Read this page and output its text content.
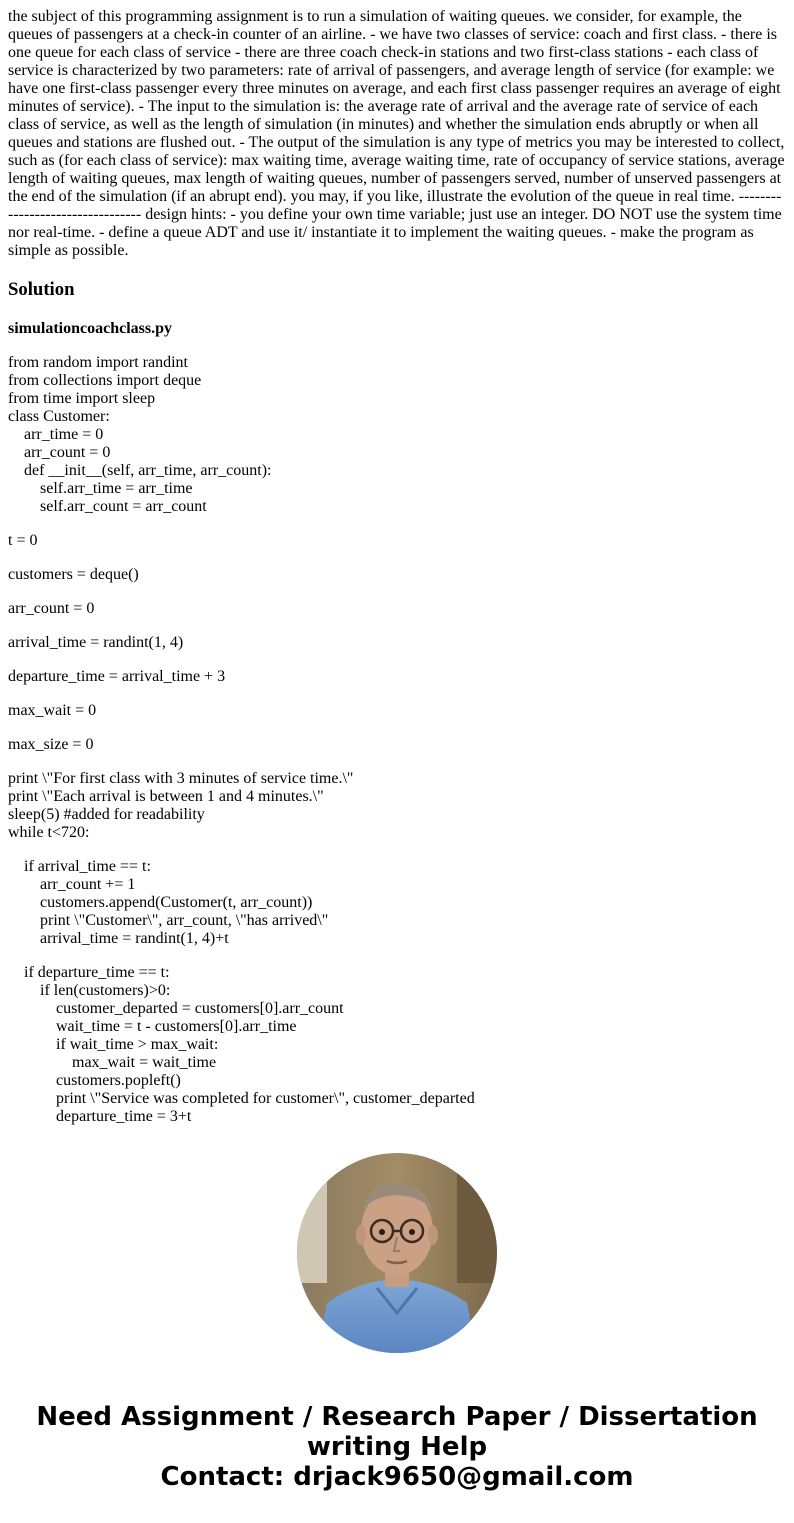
the subject of this programming assignment is to run a simulation of waiting queues. we consider, for example, the queues of passengers at a check-in counter of an airline. - we have two classes of service: coach and first class. - there is one queue for each class of service - there are three coach check-in stations and two first-class stations - each class of service is characterized by two parameters: rate of arrival of passengers, and average length of service (for example: we have one first-class passenger every three minutes on average, and each first class passenger requires an average of eight minutes of service). - The input to the simulation is: the average rate of arrival and the average rate of service of each class of service, as well as the length of simulation (in minutes) and whether the simulation ends abruptly or when all queues and stations are flushed out. - The output of the simulation is any type of metrics you may be interested to collect, such as (for each class of service): max waiting time, average waiting time, rate of occupancy of service stations, average length of waiting queues, max length of waiting queues, number of passengers served, number of unserved passengers at the end of the simulation (if an abrupt end). you may, if you like, illustrate the evolution of the queue in real time. --------------------------------- design hints: - you define your own time variable; just use an integer. DO NOT use the system time nor real-time. - define a queue ADT and use it/ instantiate it to implement the waiting queues. - make the program as simple as possible.

Solution
simulationcoachclass.py
from random import randint
from collections import deque
from time import sleep
class Customer:
arr_time = 0
arr_count = 0
def __init__(self, arr_time, arr_count):
self.arr_time = arr_time
self.arr_count = arr_count
t = 0
customers = deque()
arr_count = 0
arrival_time = randint(1, 4)
departure_time = arrival_time + 3
max_wait = 0
max_size = 0
print \"For first class with 3 minutes of service time.\"
print \"Each arrival is between 1 and 4 minutes.\"
sleep(5) #added for readability
while t<720:
if arrival_time == t:
arr_count += 1
customers.append(Customer(t, arr_count))
print \"Customer\", arr_count, \"has arrived\"
arrival_time = randint(1, 4)+t
if departure_time == t:
if len(customers)>0:
customer_departed = customers[0].arr_count
wait_time = t - customers[0].arr_time
if wait_time > max_wait:
max_wait = wait_time
customers.popleft()
print \"Service was completed for customer\", customer_departed
departure_time = 3+t
Need Assignment / Research Paper / Dissertation
writing Help
Contact: drjack9650@gmail.com
